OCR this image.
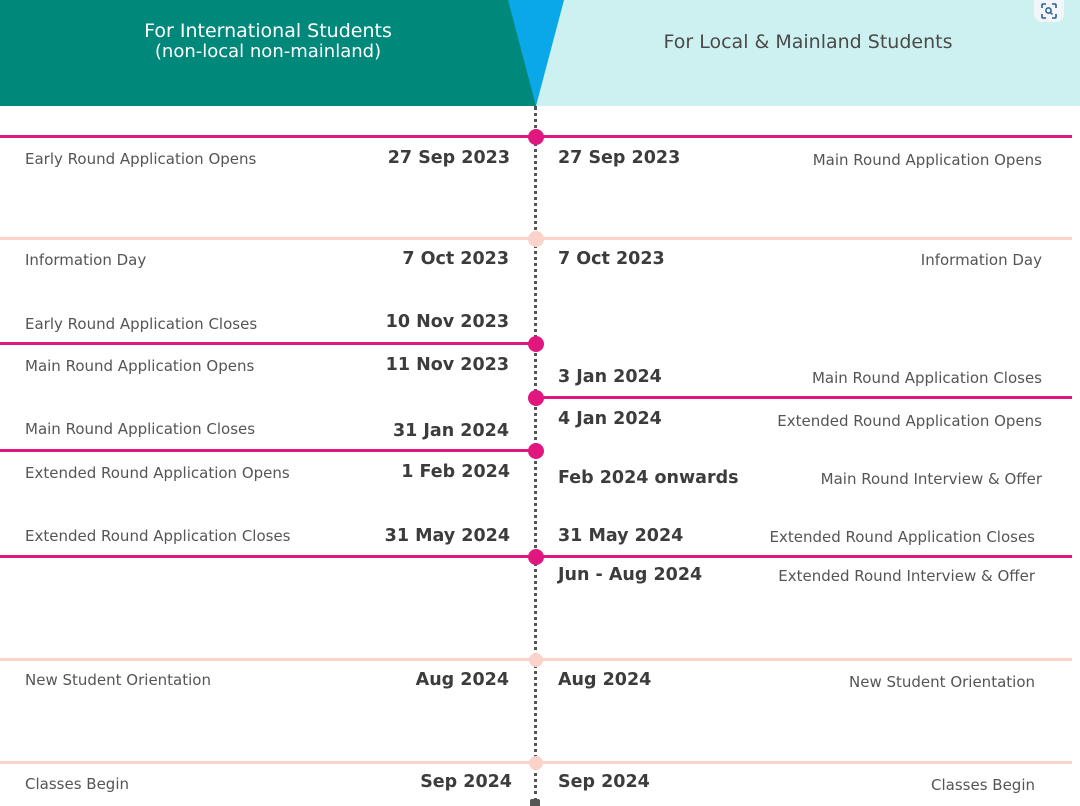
For International Students
(non-local non-mainland)	For Local & Mainland Students
Early Round Application Opens
Information Day
Early Round Application Closes
Main Round Application Opens
Main Round Application Closes
Extended Round Application Opens
Extended Round Application Closes
New Student Orientation
Classes Begin
27 Sep 2023
7 Oct 2023
10 Nov 2023
11 Nov 2023
31 Jan 2024
1 Feb 2024
31 May 2024
Aug 2024
Sep 2024
27 Sep 2023
7 Oct 2023
3 Jan 2024
4 Jan 2024
Feb 2024 onwards
31 May 2024
Jun - Aug 2024
Aug 2024
Sep 2024
Main Round Application Opens
Information Day
Main Round Application Closes
Extended Round Application Opens
Main Round Interview & Offer
Extended Round Application Closes
Extended Round Interview & Offer
New Student Orientation
Classes Begin
